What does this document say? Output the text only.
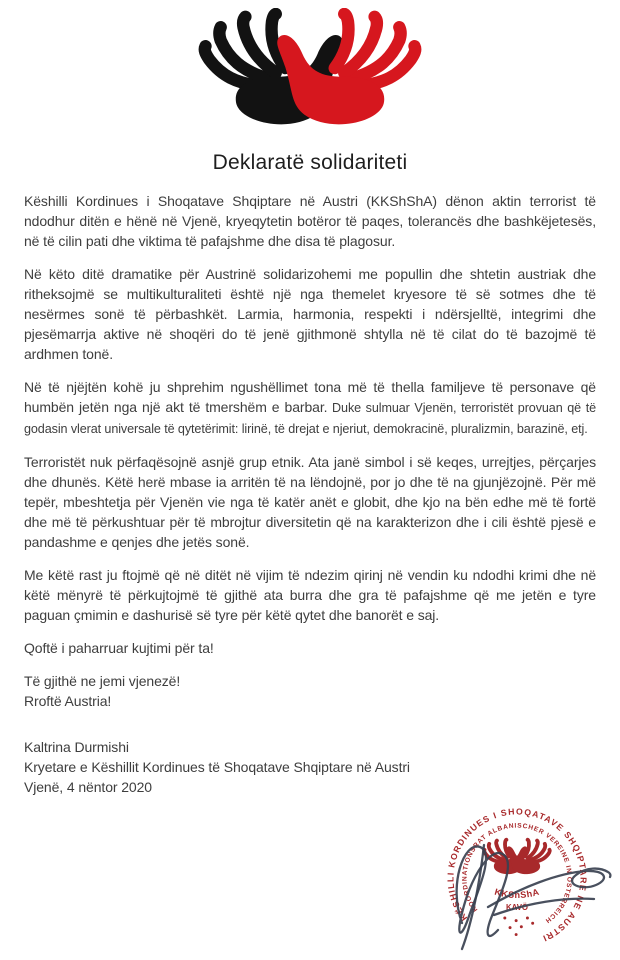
Deklaratë solidariteti

Këshilli Kordinues i Shoqatave Shqiptare në Austri (KKShShA) dënon aktin terrorist të ndodhur ditën e hënë në Vjenë, kryeqytetin botëror të paqes, tolerancës dhe bashkëjetesës, në të cilin pati dhe viktima të pafajshme dhe disa të plagosur.

Në këto ditë dramatike për Austrinë solidarizohemi me popullin dhe shtetin austriak dhe ritheksojmë se multikulturaliteti është një nga themelet kryesore të së sotmes dhe të nesërmes sonë të përbashkët. Larmia, harmonia, respekti i ndërsjelltë, integrimi dhe pjesëmarrja aktive në shoqëri do të jenë gjithmonë shtylla në të cilat do të bazojmë të ardhmen tonë.

Në të njëjtën kohë ju shprehim ngushëllimet tona më të thella familjeve të personave që humbën jetën nga një akt të tmershëm e barbar. Duke sulmuar Vjenën, terroristët provuan që të godasin vlerat universale të qytetërimit: lirinë, të drejat e njeriut, demokracinë, pluralizmin, barazinë, etj.

Terroristët nuk përfaqësojnë asnjë grup etnik. Ata janë simbol i së keqes, urrejtjes, përçarjes dhe dhunës. Këtë herë mbase ia arritën të na lëndojnë, por jo dhe të na gjunjëzojnë. Për më tepër, mbeshtetja për Vjenën vie nga të katër anët e globit, dhe kjo na bën edhe më të fortë dhe më të përkushtuar për të mbrojtur diversitetin që na karakterizon dhe i cili është pjesë e pandashme e qenjes dhe jetës sonë.

Me këtë rast ju ftojmë që në ditët në vijim të ndezim qirinj në vendin ku ndodhi krimi dhe në këtë mënyrë të përkujtojmë të gjithë ata burra dhe gra të pafajshme që me jetën e tyre paguan çmimin e dashurisë së tyre për këtë qytet dhe banorët e saj.

Qoftë i paharruar kujtimi për ta!

Të gjithë ne jemi vjenezë!
Rroftë Austria!

Kaltrina Durmishi
Kryetare e Këshillit Kordinues të Shoqatave Shqiptare në Austri
Vjenë, 4 nëntor 2020
KËSHILLI KORDINUES I SHOQATAVE SHQIPTARE NE AUSTRI
KOORDINATIONSRAT ALBANISCHER VEREINE IN ÖSTERREICH
KKShShA
KAVÖ
